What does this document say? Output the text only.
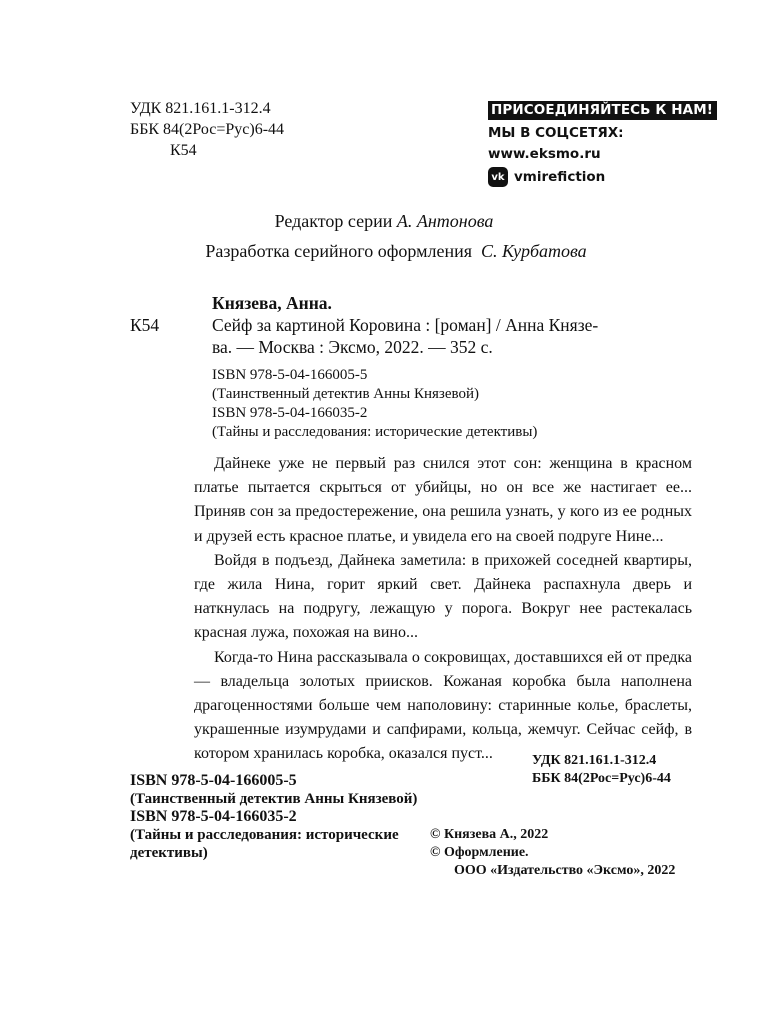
УДК 821.161.1-312.4
ББК 84(2Рос=Рус)6-44
К54
ПРИСОЕДИНЯЙТЕСЬ К НАМ!
МЫ В СОЦСЕТЯХ:
www.eksmo.ru
vk vmirefiction
Редактор серии А. Антонова
Разработка серийного оформления С. Курбатова
Князева, Анна.
К54	Сейф за картиной Коровина : [роман] / Анна Князе-
ва. — Москва : Эксмо, 2022. — 352 с.
ISBN 978-5-04-166005-5
(Таинственный детектив Анны Князевой)
ISBN 978-5-04-166035-2
(Тайны и расследования: исторические детективы)

Дайнеке уже не первый раз снился этот сон: женщина в красном платье пытается скрыться от убийцы, но он все же настигает ее... Приняв сон за предостережение, она решила узнать, у кого из ее родных и друзей есть красное платье, и увидела его на своей подруге Нине...

Войдя в подъезд, Дайнека заметила: в прихожей соседней квартиры, где жила Нина, горит яркий свет. Дайнека распахнула дверь и наткнулась на подругу, лежащую у порога. Вокруг нее растекалась красная лужа, похожая на вино...

Когда-то Нина рассказывала о сокровищах, доставшихся ей от предка — владельца золотых приисков. Кожаная коробка была наполнена драгоценностями больше чем наполовину: старинные колье, браслеты, украшенные изумрудами и сапфирами, кольца, жемчуг. Сейчас сейф, в котором хранилась коробка, оказался пуст...	УДК 821.161.1-312.4
ББК 84(2Рос=Рус)6-44
ISBN 978-5-04-166005-5
(Таинственный детектив Анны Князевой)
ISBN 978-5-04-166035-2
(Тайны и расследования: исторические детективы)
© Князева А., 2022
© Оформление.
ООО «Издательство «Эксмо», 2022
